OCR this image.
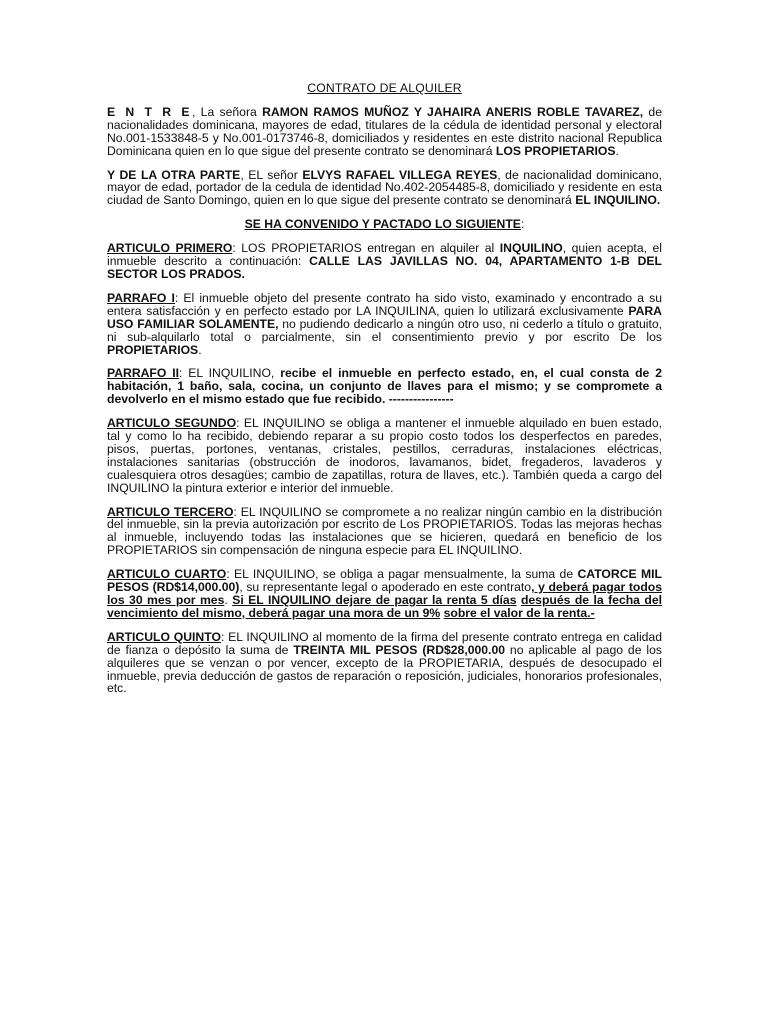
CONTRATO DE ALQUILER
E N T R E, La señora RAMON RAMOS MUÑOZ Y JAHAIRA ANERIS ROBLE TAVAREZ, de nacionalidades dominicana, mayores de edad, titulares de la cédula de identidad personal y electoral No.001-1533848-5 y No.001-0173746-8, domiciliados y residentes en este distrito nacional Republica Dominicana quien en lo que sigue del presente contrato se denominará LOS PROPIETARIOS.
Y DE LA OTRA PARTE, EL señor ELVYS RAFAEL VILLEGA REYES, de nacionalidad dominicano, mayor de edad, portador de la cedula de identidad No.402-2054485-8, domiciliado y residente en esta ciudad de Santo Domingo, quien en lo que sigue del presente contrato se denominará EL INQUILINO.
SE HA CONVENIDO Y PACTADO LO SIGUIENTE:
ARTICULO PRIMERO: LOS PROPIETARIOS entregan en alquiler al INQUILINO, quien acepta, el inmueble descrito a continuación: CALLE LAS JAVILLAS NO. 04, APARTAMENTO 1-B DEL SECTOR LOS PRADOS.
PARRAFO I: El inmueble objeto del presente contrato ha sido visto, examinado y encontrado a su entera satisfacción y en perfecto estado por LA INQUILINA, quien lo utilizará exclusivamente PARA USO FAMILIAR SOLAMENTE, no pudiendo dedicarlo a ningún otro uso, ni cederlo a título o gratuito, ni sub-alquilarlo total o parcialmente, sin el consentimiento previo y por escrito De los PROPIETARIOS.
PARRAFO II: EL INQUILINO, recibe el inmueble en perfecto estado, en, el cual consta de 2 habitación, 1 baño, sala, cocina, un conjunto de llaves para el mismo; y se compromete a devolverlo en el mismo estado que fue recibido. ----------------
ARTICULO SEGUNDO: EL INQUILINO se obliga a mantener el inmueble alquilado en buen estado, tal y como lo ha recibido, debiendo reparar a su propio costo todos los desperfectos en paredes, pisos, puertas, portones, ventanas, cristales, pestillos, cerraduras, instalaciones eléctricas, instalaciones sanitarias (obstrucción de inodoros, lavamanos, bidet, fregaderos, lavaderos y cualesquiera otros desagües; cambio de zapatillas, rotura de llaves, etc.). También queda a cargo del INQUILINO la pintura exterior e interior del inmueble.
ARTICULO TERCERO: EL INQUILINO se compromete a no realizar ningún cambio en la distribución del inmueble, sin la previa autorización por escrito de Los PROPIETARIOS. Todas las mejoras hechas al inmueble, incluyendo todas las instalaciones que se hicieren, quedará en beneficio de los PROPIETARIOS sin compensación de ninguna especie para EL INQUILINO.
ARTICULO CUARTO: EL INQUILINO, se obliga a pagar mensualmente, la suma de CATORCE MIL PESOS (RD$14,000.00), su representante legal o apoderado en este contrato, y deberá pagar todos los 30 mes por mes. Si EL INQUILINO dejare de pagar la renta 5 días después de la fecha del vencimiento del mismo, deberá pagar una mora de un 9% sobre el valor de la renta.-
ARTICULO QUINTO: EL INQUILINO al momento de la firma del presente contrato entrega en calidad de fianza o depósito la suma de TREINTA MIL PESOS (RD$28,000.00 no aplicable al pago de los alquileres que se venzan o por vencer, excepto de la PROPIETARIA, después de desocupado el inmueble, previa deducción de gastos de reparación o reposición, judiciales, honorarios profesionales, etc.
